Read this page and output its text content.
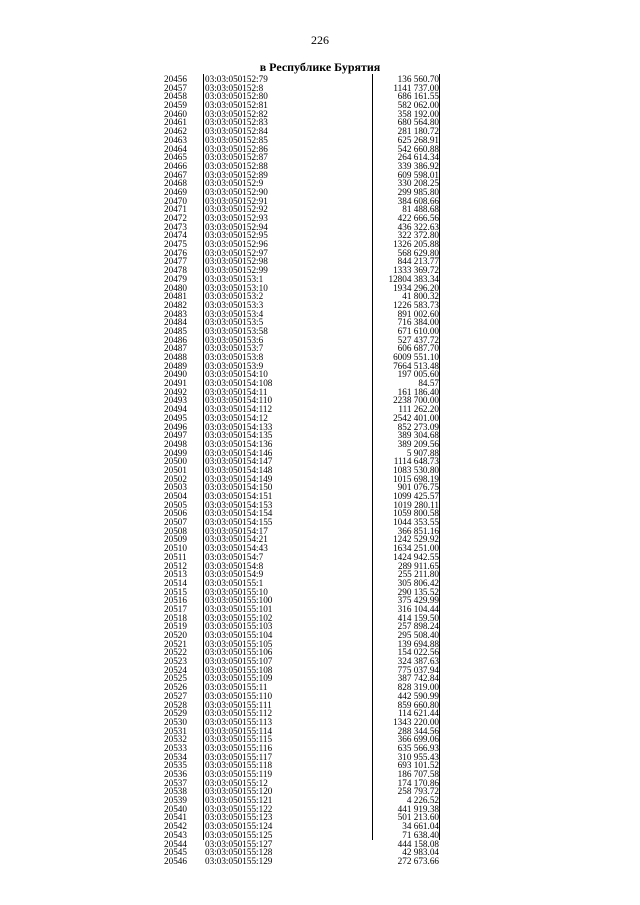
226
в Республике Бурятия
20456 03:03:050152:79	136 560.70
20457 03:03:050152:8	1141 737.00
20458 03:03:050152:80	686 161.55
20459 03:03:050152:81	582 062.00
20460 03:03:050152:82	358 192.00
20461 03:03:050152:83	680 564.80
20462 03:03:050152:84	281 180.72
20463 03:03:050152:85	625 268.91
20464 03:03:050152:86	542 660.88
20465 03:03:050152:87	264 614.34
20466 03:03:050152:88	339 386.92
20467 03:03:050152:89	609 598.01
20468 03:03:050152:9	330 208.25
20469 03:03:050152:90	299 985.80
20470 03:03:050152:91	384 608.66
20471 03:03:050152:92	81 488.68
20472 03:03:050152:93	422 666.56
20473 03:03:050152:94	436 322.63
20474 03:03:050152:95	322 372.80
20475 03:03:050152:96	1326 205.88
20476 03:03:050152:97	568 629.80
20477 03:03:050152:98	844 213.77
20478 03:03:050152:99	1333 369.72
20479 03:03:050153:1	12804 383.34
20480 03:03:050153:10	1934 296.20
20481 03:03:050153:2	41 800.32
20482 03:03:050153:3	1226 583.73
20483 03:03:050153:4	891 002.60
20484 03:03:050153:5	716 384.00
20485 03:03:050153:58	671 610.00
20486 03:03:050153:6	527 437.72
20487 03:03:050153:7	606 687.70
20488 03:03:050153:8	6009 551.10
20489 03:03:050153:9	7664 513.48
20490 03:03:050154:10	197 005.60
20491 03:03:050154:108	84.57
20492 03:03:050154:11	161 186.40
20493 03:03:050154:110	2238 700.00
20494 03:03:050154:112	111 262.20
20495 03:03:050154:12	2542 401.00
20496 03:03:050154:133	852 273.09
20497 03:03:050154:135	389 304.68
20498 03:03:050154:136	389 209.56
20499 03:03:050154:146	5 907.88
20500 03:03:050154:147	1114 648.73
20501 03:03:050154:148	1083 530.80
20502 03:03:050154:149	1015 698.19
20503 03:03:050154:150	901 076.75
20504 03:03:050154:151	1099 425.57
20505 03:03:050154:153	1019 280.11
20506 03:03:050154:154	1059 800.58
20507 03:03:050154:155	1044 353.55
20508 03:03:050154:17	366 851.16
20509 03:03:050154:21	1242 529.92
20510 03:03:050154:43	1634 251.00
20511 03:03:050154:7	1424 942.55
20512 03:03:050154:8	289 911.65
20513 03:03:050154:9	255 211.80
20514 03:03:050155:1	305 806.42
20515 03:03:050155:10	290 135.52
20516 03:03:050155:100	375 429.99
20517 03:03:050155:101	316 104.44
20518 03:03:050155:102	414 159.50
20519 03:03:050155:103	257 898.24
20520 03:03:050155:104	295 508.40
20521 03:03:050155:105	139 694.88
20522 03:03:050155:106	154 022.56
20523 03:03:050155:107	324 387.63
20524 03:03:050155:108	775 037.94
20525 03:03:050155:109	387 742.84
20526 03:03:050155:11	828 319.00
20527 03:03:050155:110	442 590.99
20528 03:03:050155:111	859 660.80
20529 03:03:050155:112	114 621.44
20530 03:03:050155:113	1343 220.00
20531 03:03:050155:114	288 344.56
20532 03:03:050155:115	366 699.06
20533 03:03:050155:116	635 566.93
20534 03:03:050155:117	310 955.43
20535 03:03:050155:118	693 101.52
20536 03:03:050155:119	186 707.58
20537 03:03:050155:12	174 170.86
20538 03:03:050155:120	258 793.72
20539 03:03:050155:121	4 226.52
20540 03:03:050155:122	441 919.38
20541 03:03:050155:123	501 213.60
20542 03:03:050155:124	34 661.04
20543 03:03:050155:125	71 638.40
20544 03:03:050155:127	444 158.08
20545 03:03:050155:128	42 983.04
20546 03:03:050155:129	272 673.66
